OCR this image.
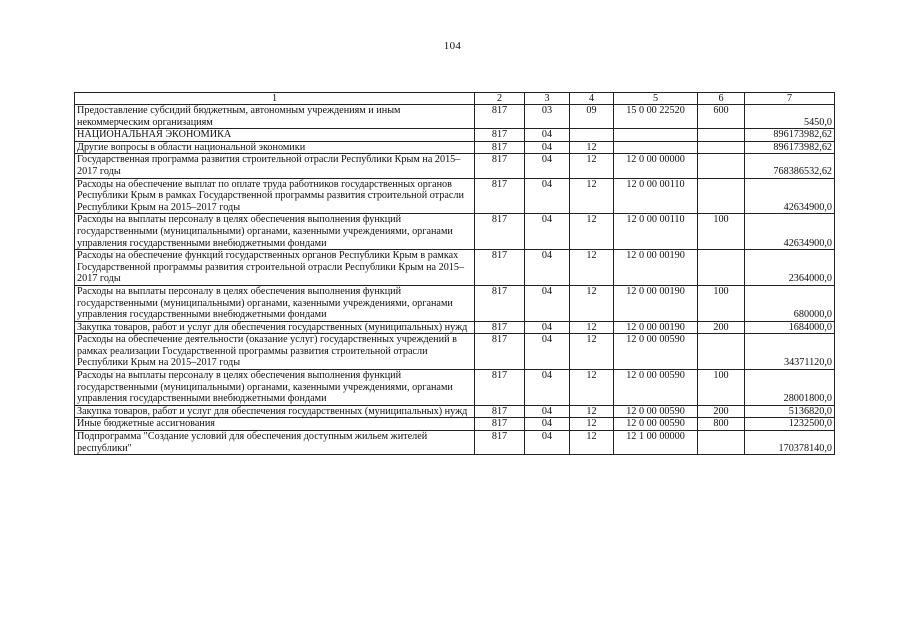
104
1	2	3	4	5	6	7
Предоставление субсидий бюджетным, автономным учреждениям и иным некоммерческим организациям	817	03	09	15 0 00 22520	600	5450,0
НАЦИОНАЛЬНАЯ ЭКОНОМИКА	817	04				896173982,62
Другие вопросы в области национальной экономики	817	04	12			896173982,62
Государственная программа развития строительной отрасли Республики Крым на 2015–2017 годы	817	04	12	12 0 00 00000		768386532,62
Расходы на обеспечение выплат по оплате труда работников государственных органов Республики Крым в рамках Государственной программы развития строительной отрасли Республики Крым на 2015–2017 годы	817	04	12	12 0 00 00110		42634900,0
Расходы на выплаты персоналу в целях обеспечения выполнения функций государственными (муниципальными) органами, казенными учреждениями, органами управления государственными внебюджетными фондами	817	04	12	12 0 00 00110	100	42634900,0
Расходы на обеспечение функций государственных органов Республики Крым в рамках Государственной программы развития строительной отрасли Республики Крым на 2015–2017 годы	817	04	12	12 0 00 00190		2364000,0
Расходы на выплаты персоналу в целях обеспечения выполнения функций государственными (муниципальными) органами, казенными учреждениями, органами управления государственными внебюджетными фондами	817	04	12	12 0 00 00190	100	680000,0
Закупка товаров, работ и услуг для обеспечения государственных (муниципальных) нужд	817	04	12	12 0 00 00190	200	1684000,0
Расходы на обеспечение деятельности (оказание услуг) государственных учреждений в рамках реализации Государственной программы развития строительной отрасли Республики Крым на 2015–2017 годы	817	04	12	12 0 00 00590		34371120,0
Расходы на выплаты персоналу в целях обеспечения выполнения функций государственными (муниципальными) органами, казенными учреждениями, органами управления государственными внебюджетными фондами	817	04	12	12 0 00 00590	100	28001800,0
Закупка товаров, работ и услуг для обеспечения государственных (муниципальных) нужд	817	04	12	12 0 00 00590	200	5136820,0
Иные бюджетные ассигнования	817	04	12	12 0 00 00590	800	1232500,0
Подпрограмма "Создание условий для обеспечения доступным жильем жителей республики"	817	04	12	12 1 00 00000		170378140,0
